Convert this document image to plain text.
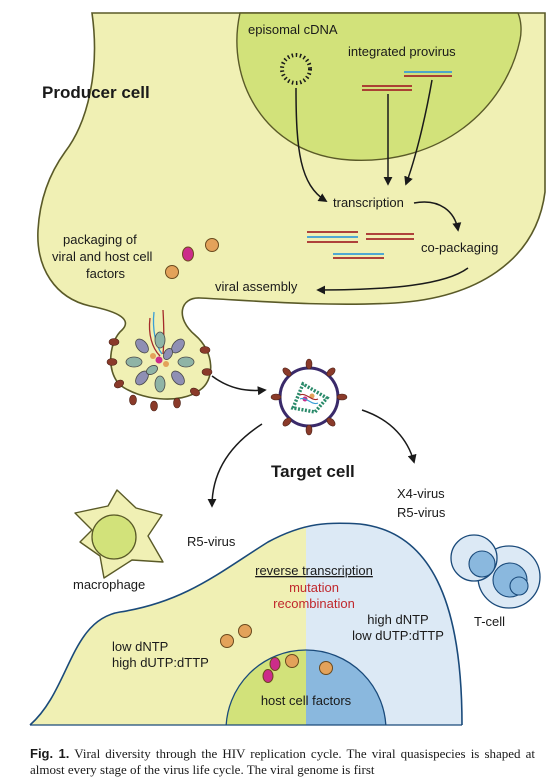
Producer cell
episomal cDNA
integrated provirus
transcription
co-packaging
packaging of viral and host cell factors
viral assembly
Target cell
X4-virus
R5-virus
R5-virus
macrophage
T-cell
reverse transcription
mutation
recombination
low dNTP
high dUTP:dTTP
high dNTP
low dUTP:dTTP
host cell factors
Fig. 1. Viral diversity through the HIV replication cycle. The viral quasispecies is shaped at almost every stage of the virus life cycle. The viral genome is first
